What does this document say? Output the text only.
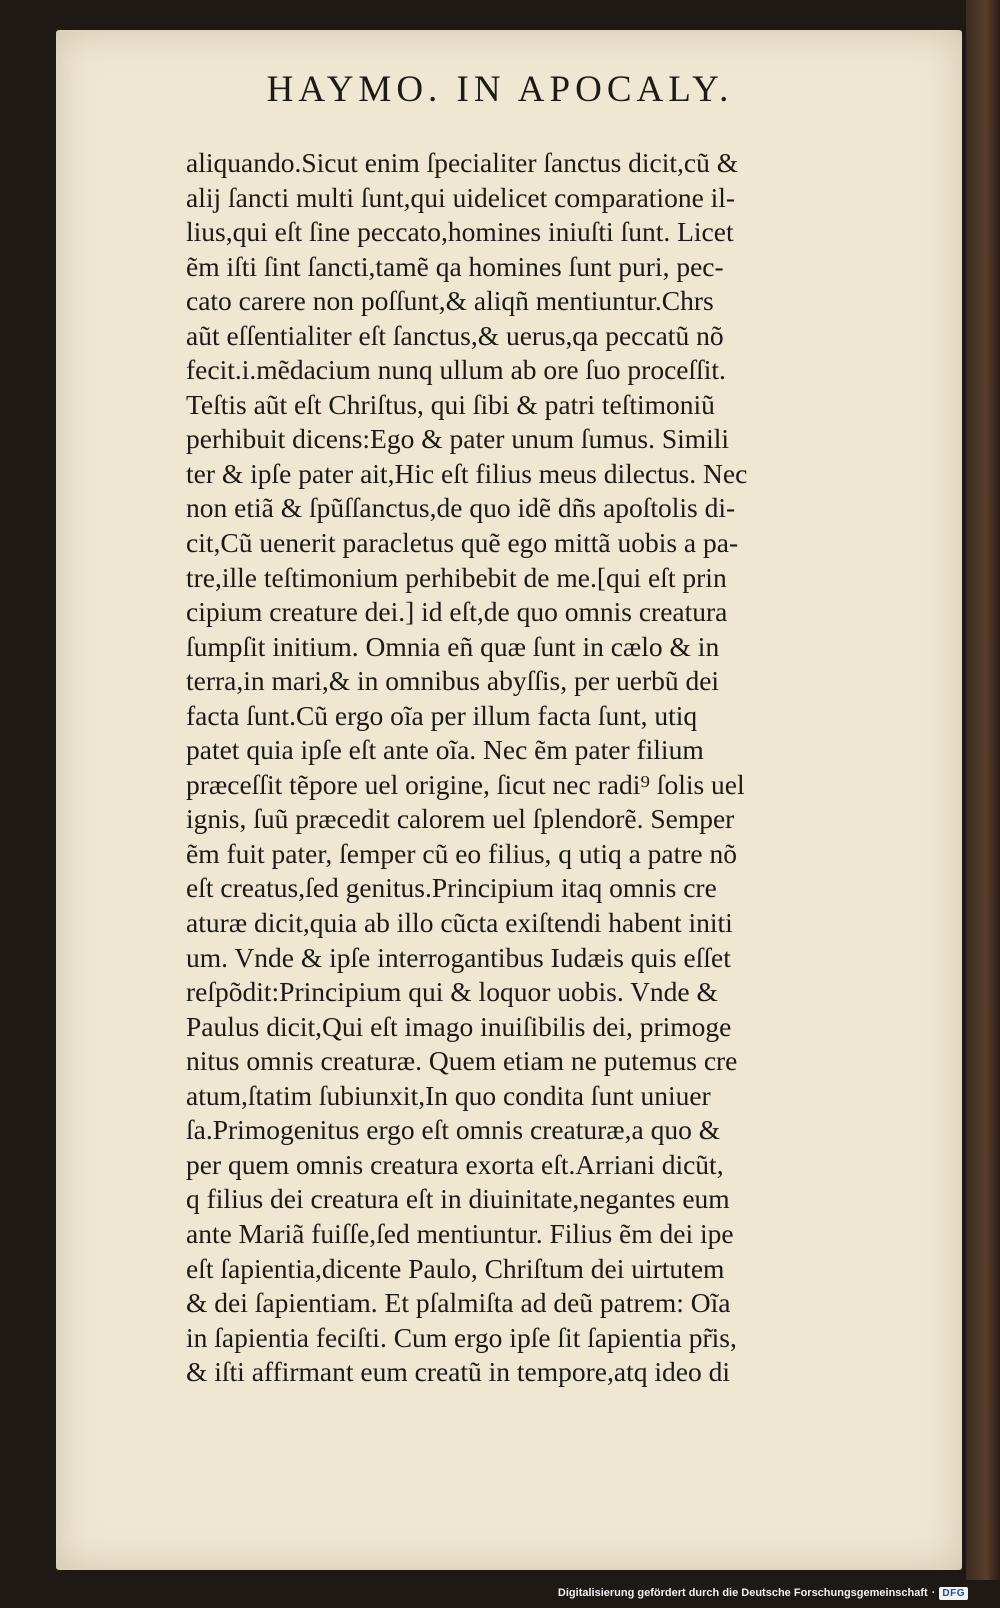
HAYMO. IN APOCALY.
aliquando.Sicut enim ſpecialiter ſanctus dicit,cũ &
alij ſancti multi ſunt,qui uidelicet comparatione il-
lius,qui eſt ſine peccato,homines iniuſti ſunt. Licet
ẽm iſti ſint ſancti,tamẽ qa homines ſunt puri, pec-
cato carere non poſſunt,& aliqñ mentiuntur.Chrs
aũt eſſentialiter eſt ſanctus,& uerus,qa peccatũ nõ
fecit.i.mẽdacium nunq ullum ab ore ſuo proceſſit.
Teſtis aũt eſt Chriſtus, qui ſibi & patri teſtimoniũ
perhibuit dicens:Ego & pater unum ſumus. Simili
ter & ipſe pater ait,Hic eſt filius meus dilectus. Nec
non etiã & ſpũſſanctus,de quo idẽ dñs apoſtolis di-
cit,Cũ uenerit paracletus quẽ ego mittã uobis a pa-
tre,ille teſtimonium perhibebit de me.[qui eſt prin
cipium creature dei.] id eſt,de quo omnis creatura
ſumpſit initium. Omnia eñ quæ ſunt in cælo & in
terra,in mari,& in omnibus abyſſis, per uerbũ dei
facta ſunt.Cũ ergo oĩa per illum facta ſunt, utiq
patet quia ipſe eſt ante oĩa. Nec ẽm pater filium
præceſſit tẽpore uel origine, ſicut nec radi⁹ ſolis uel
ignis, ſuũ præcedit calorem uel ſplendorẽ. Semper
ẽm fuit pater, ſemper cũ eo filius, q utiq a patre nõ
eſt creatus,ſed genitus.Principium itaq omnis cre
aturæ dicit,quia ab illo cũcta exiſtendi habent initi
um. Vnde & ipſe interrogantibus Iudæis quis eſſet
reſpõdit:Principium qui & loquor uobis. Vnde &
Paulus dicit,Qui eſt imago inuiſibilis dei, primoge
nitus omnis creaturæ. Quem etiam ne putemus cre
atum,ſtatim ſubiunxit,In quo condita ſunt uniuer
ſa.Primogenitus ergo eſt omnis creaturæ,a quo &
per quem omnis creatura exorta eſt.Arriani dicũt,
q filius dei creatura eſt in diuinitate,negantes eum
ante Mariã fuiſſe,ſed mentiuntur. Filius ẽm dei ipe
eſt ſapientia,dicente Paulo, Chriſtum dei uirtutem
& dei ſapientiam. Et pſalmiſta ad deũ patrem: Oĩa
in ſapientia feciſti. Cum ergo ipſe ſit ſapientia pr̃is,
& iſti affirmant eum creatũ in tempore,atq ideo di
Digitalisierung gefördert durch die Deutsche Forschungsgemeinschaft · DFG
